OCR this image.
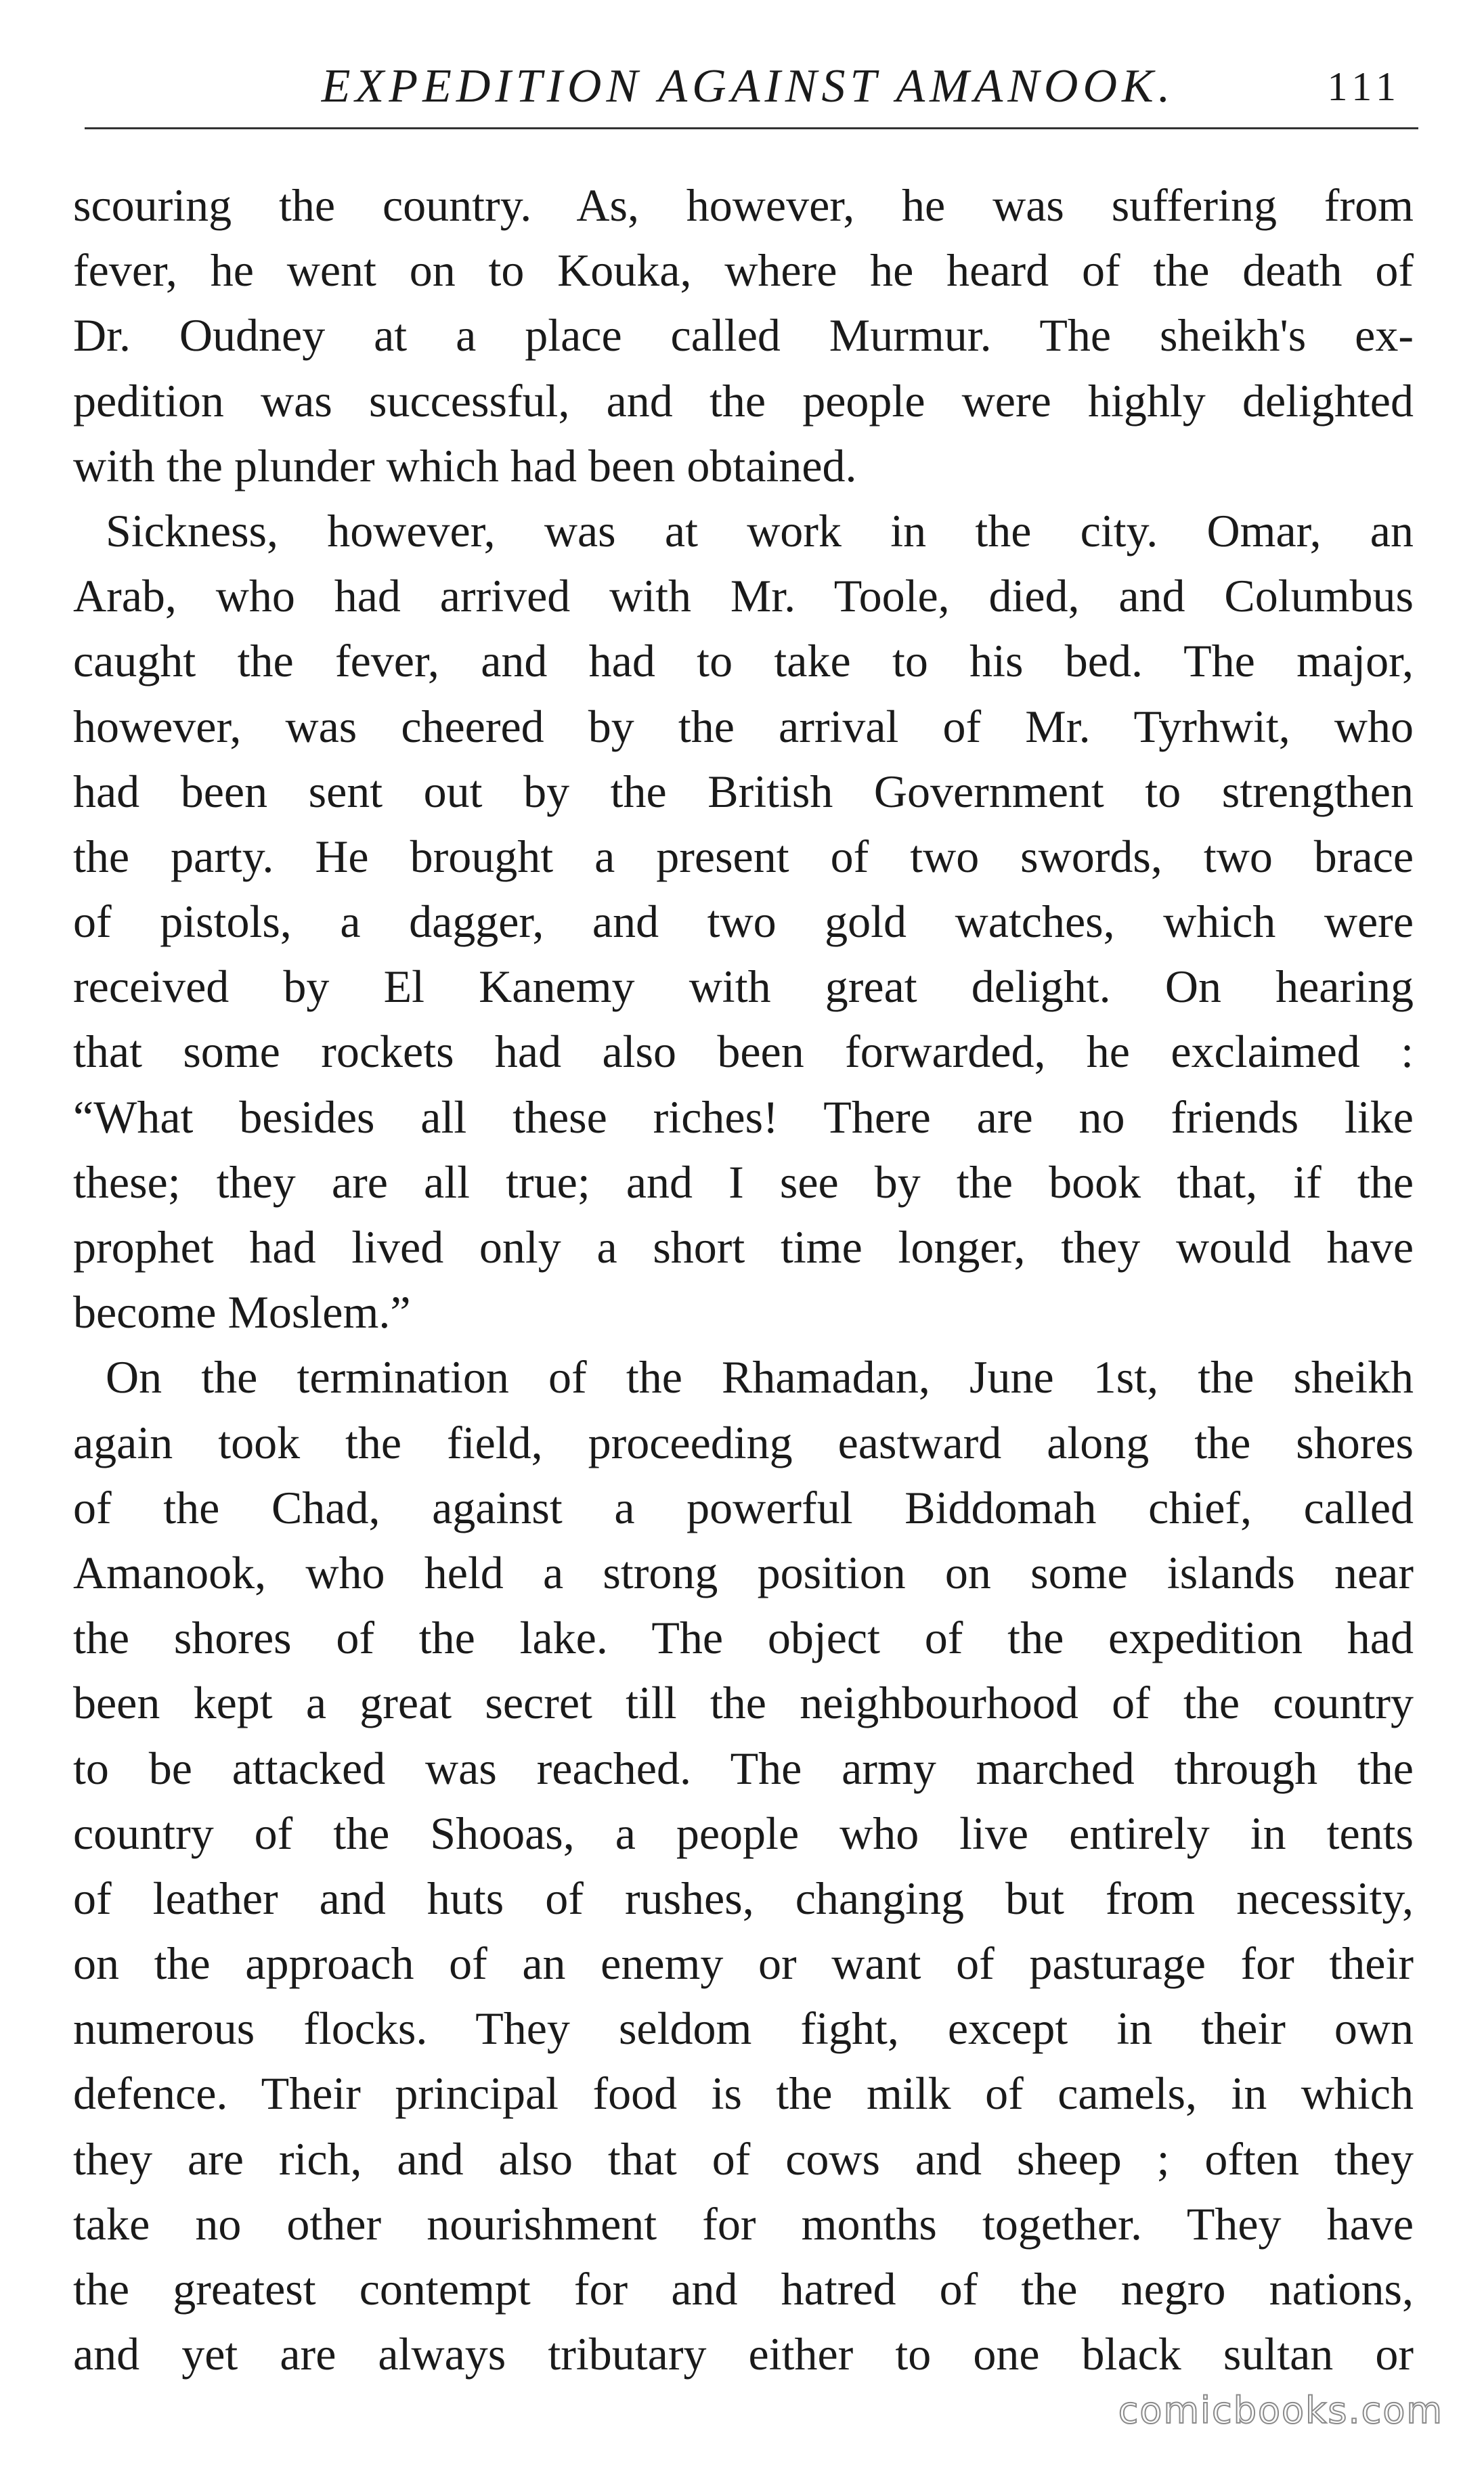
EXPEDITION AGAINST AMANOOK.	111
scouring the country. As, however, he was suffering from
fever, he went on to Kouka, where he heard of the death of
Dr. Oudney at a place called Murmur. The sheikh's ex-
pedition was successful, and the people were highly delighted
with the plunder which had been obtained.
Sickness, however, was at work in the city. Omar, an
Arab, who had arrived with Mr. Toole, died, and Columbus
caught the fever, and had to take to his bed. The major,
however, was cheered by the arrival of Mr. Tyrhwit, who
had been sent out by the British Government to strengthen
the party. He brought a present of two swords, two brace
of pistols, a dagger, and two gold watches, which were
received by El Kanemy with great delight. On hearing
that some rockets had also been forwarded, he exclaimed :
“What besides all these riches! There are no friends like
these; they are all true; and I see by the book that, if the
prophet had lived only a short time longer, they would have
become Moslem.”
On the termination of the Rhamadan, June 1st, the sheikh
again took the field, proceeding eastward along the shores
of the Chad, against a powerful Biddomah chief, called
Amanook, who held a strong position on some islands near
the shores of the lake. The object of the expedition had
been kept a great secret till the neighbourhood of the country
to be attacked was reached. The army marched through the
country of the Shooas, a people who live entirely in tents
of leather and huts of rushes, changing but from necessity,
on the approach of an enemy or want of pasturage for their
numerous flocks. They seldom fight, except in their own
defence. Their principal food is the milk of camels, in which
they are rich, and also that of cows and sheep ; often they
take no other nourishment for months together. They have
the greatest contempt for and hatred of the negro nations,
and yet are always tributary either to one black sultan or
comicbooks.com
